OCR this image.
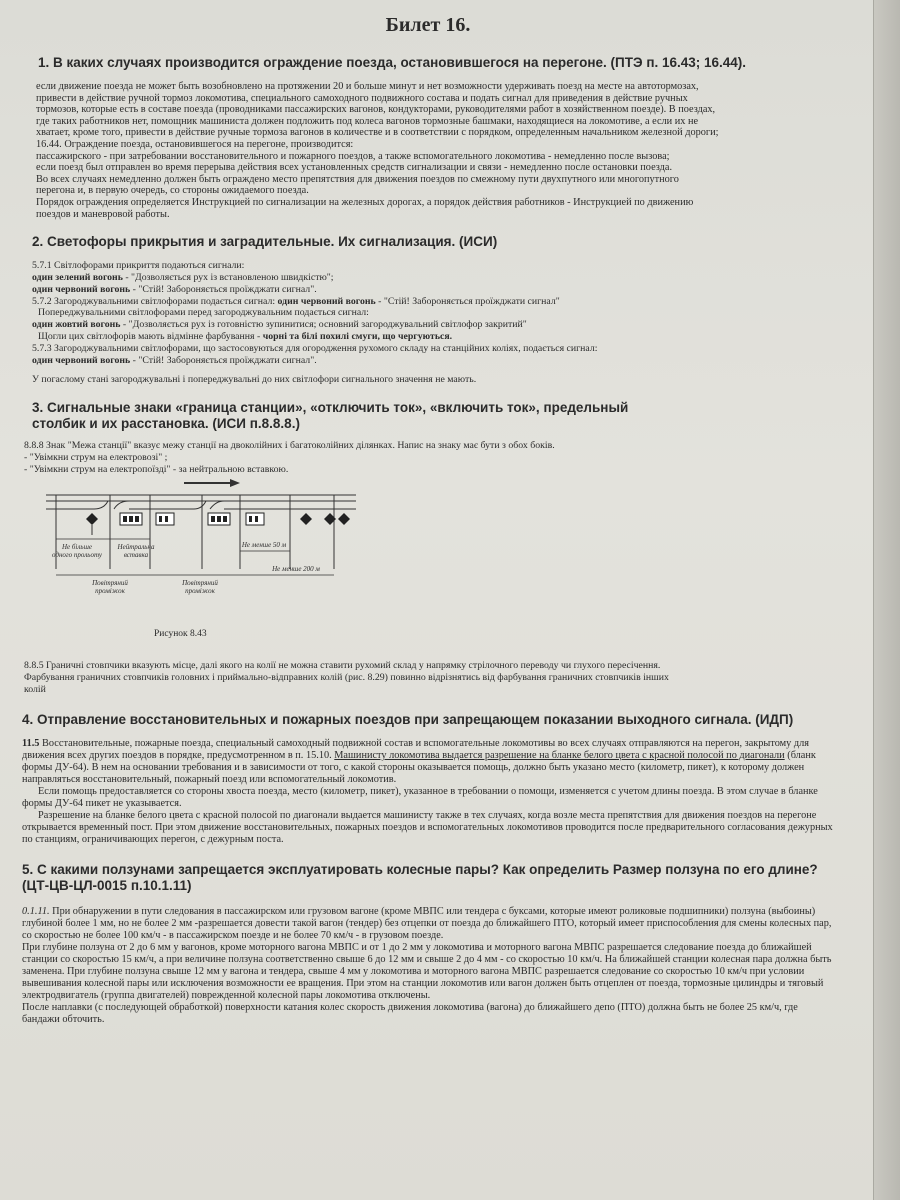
Билет 16.
1. В каких случаях производится ограждение поезда, остановившегося на перегоне. (ПТЭ п. 16.43; 16.44).

если движение поезда не может быть возобновлено на протяжении 20 и больше минут и нет возможности удерживать поезд на месте на автотормозах,

привести в действие ручной тормоз локомотива, специального самоходного подвижного состава и подать сигнал для приведения в действие ручных

тормозов, которые есть в составе поезда (проводниками пассажирских вагонов, кондукторами, руководителями работ в хозяйственном поезде). В поездах,

где таких работников нет, помощник машиниста должен подложить под колеса вагонов тормозные башмаки, находящиеся на локомотиве, а если их не

хватает, кроме того, привести в действие ручные тормоза вагонов в количестве и в соответствии с порядком, определенным начальником железной дороги;

16.44. Ограждение поезда, остановившегося на перегоне, производится:

пассажирского - при затребовании восстановительного и пожарного поездов, а также вспомогательного локомотива - немедленно после вызова;

если поезд был отправлен во время перерыва действия всех установленных средств сигнализации и связи - немедленно после остановки поезда.

Во всех случаях немедленно должен быть ограждено место препятствия для движения поездов по смежному пути двухпутного или многопутного

перегона и, в первую очередь, со стороны ожидаемого поезда.

Порядок ограждения определяется Инструкцией по сигнализации на железных дорогах, а порядок действия работников - Инструкцией по движению

поездов и маневровой работы.

2. Светофоры прикрытия и заградительные. Их сигнализация. (ИСИ)

5.7.1 Світлофорами прикриття подаються сигнали:

один зелений вогонь - "Дозволяється рух із встановленою швидкістю";

один червоний вогонь - "Стій! Забороняється проїжджати сигнал".

5.7.2 Загороджувальними світлофорами подається сигнал: один червоний вогонь - "Стій! Забороняється проїжджати сигнал"

Попереджувальними світлофорами перед загороджувальним подається сигнал:

один жовтий вогонь - "Дозволяється рух із готовністю зупинитися; основний загороджувальний світлофор закритий"

Щогли цих світлофорів мають відмінне фарбування - чорні та білі похилі смуги, що чергуються.

5.7.3 Загороджувальними світлофорами, що застосовуються для огородження рухомого складу на станційних коліях, подається сигнал:

один червоний вогонь - "Стій! Забороняється проїжджати сигнал".

У погаслому стані загороджувальні і попереджувальні до них світлофори сигнального значення не мають.

3. Сигнальные знаки «граница станции», «отключить ток», «включить ток», предельный
столбик и их расстановка. (ИСИ п.8.8.8.)

8.8.8 Знак "Межа станції" вказує межу станції на двоколійних і багатоколійних ділянках. Напис на знаку має бути з обох боків.

- "Увімкни струм на електровозі" ;

- "Увімкни струм на електропоїзді" - за нейтральною вставкою.

Не більше одного прольоту
Нейтральна вставка
Не менше 50 м
Повітряний проміжок
Повітряний проміжок
Не менше 200 м
Рисунок 8.43

8.8.5 Граничні стовпчики вказують місце, далі якого на колії не можна ставити рухомий склад у напрямку стрілочного переводу чи глухого пересічення.

Фарбування граничних стовпчиків головних і приймально-відправних колій (рис. 8.29) повинно відрізнятись від фарбування граничних стовпчиків інших

колій

4. Отправление восстановительных и пожарных поездов при запрещающем показании выходного сигнала. (ИДП)

11.5 Восстановительные, пожарные поезда, специальный самоходный подвижной состав и вспомогательные локомотивы во всех случаях отправляются на перегон, закрытому для движения всех других поездов в порядке, предусмотренном в п. 15.10. Машинисту локомотива выдается разрешение на бланке белого цвета с красной полосой по диагонали (бланк формы ДУ-64). В нем на основании требования и в зависимости от того, с какой стороны оказывается помощь, должно быть указано место (километр, пикет), к которому должен направляться восстановительный, пожарный поезд или вспомогательный локомотив.

Если помощь предоставляется со стороны хвоста поезда, место (километр, пикет), указанное в требовании о помощи, изменяется с учетом длины поезда. В этом случае в бланке формы ДУ-64 пикет не указывается.

Разрешение на бланке белого цвета с красной полосой по диагонали выдается машинисту также в тех случаях, когда возле места препятствия для движения поездов на перегоне открывается временный пост. При этом движение восстановительных, пожарных поездов и вспомогательных локомотивов проводится после предварительного согласования дежурных по станциям, ограничивающих перегон, с дежурным поста.

5. С какими ползунами запрещается эксплуатировать колесные пары? Как определить Размер ползуна по его длине? (ЦТ-ЦВ-ЦЛ-0015 п.10.1.11)

0.1.11. При обнаружении в пути следования в пассажирском или грузовом вагоне (кроме МВПС или тендера с буксами, которые имеют роликовые подшипники) ползуна (выбоины) глубиной более 1 мм, но не более 2 мм -разрешается довести такой вагон (тендер) без отцепки от поезда до ближайшего ПТО, который имеет приспособления для смены колесных пар, со скоростью не более 100 км/ч - в пассажирском поезде и не более 70 км/ч - в грузовом поезде.

При глубине ползуна от 2 до 6 мм у вагонов, кроме моторного вагона МВПС и от 1 до 2 мм у локомотива и моторного вагона МВПС разрешается следование поезда до ближайшей станции со скоростью 15 км/ч, а при величине ползуна соответственно свыше 6 до 12 мм и свыше 2 до 4 мм - со скоростью 10 км/ч. На ближайшей станции колесная пара должна быть заменена. При глубине ползуна свыше 12 мм у вагона и тендера, свыше 4 мм у локомотива и моторного вагона МВПС разрешается следование со скоростью 10 км/ч при условии вывешивания колесной пары или исключения возможности ее вращения. При этом на станции локомотив или вагон должен быть отцеплен от поезда, тормозные цилиндры и тяговый электродвигатель (группа двигателей) поврежденной колесной пары локомотива отключены.

После наплавки (с последующей обработкой) поверхности катания колес скорость движения локомотива (вагона) до ближайшего депо (ПТО) должна быть не более 25 км/ч, где бандажи обточить.
